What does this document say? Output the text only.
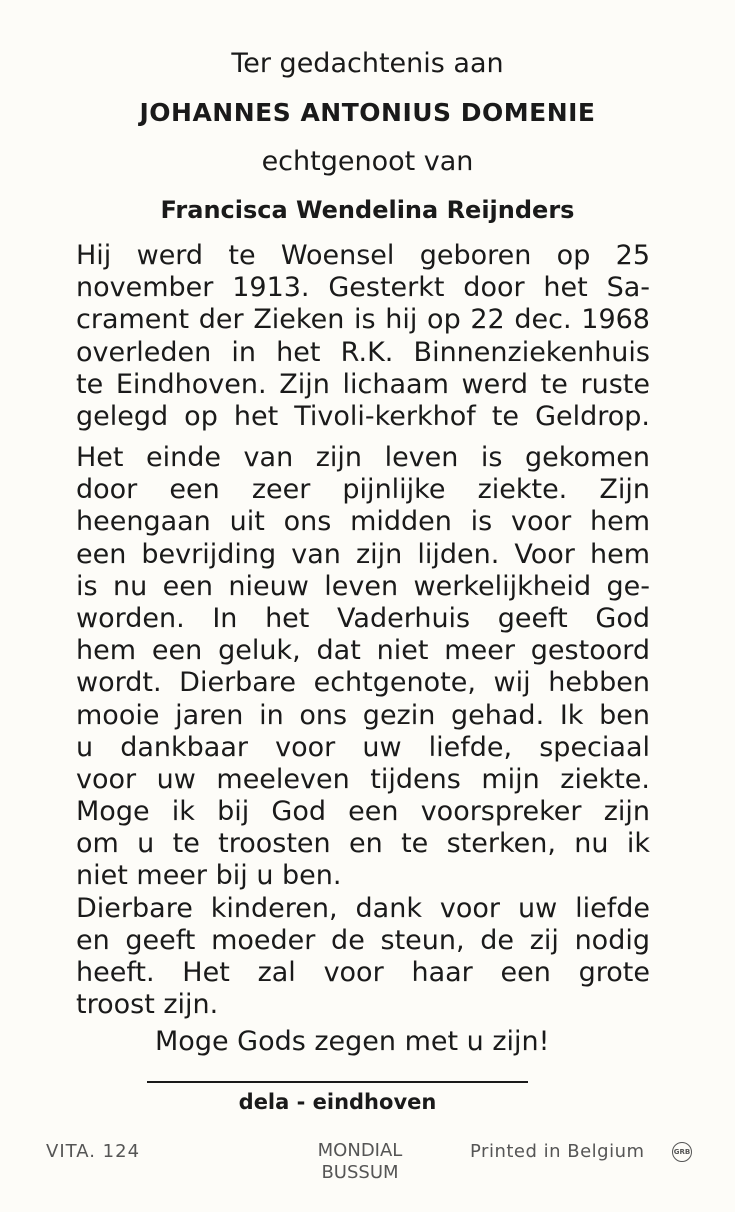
Ter gedachtenis aan
JOHANNES ANTONIUS DOMENIE
echtgenoot van
Francisca Wendelina Reijnders
Hij werd te Woensel geboren op 25
november 1913. Gesterkt door het Sa-
crament der Zieken is hij op 22 dec. 1968
overleden in het R.K. Binnenziekenhuis
te Eindhoven. Zijn lichaam werd te ruste
gelegd op het Tivoli-kerkhof te Geldrop.
Het einde van zijn leven is gekomen
door een zeer pijnlijke ziekte. Zijn
heengaan uit ons midden is voor hem
een bevrijding van zijn lijden. Voor hem
is nu een nieuw leven werkelijkheid ge-
worden. In het Vaderhuis geeft God
hem een geluk, dat niet meer gestoord
wordt. Dierbare echtgenote, wij hebben
mooie jaren in ons gezin gehad. Ik ben
u dankbaar voor uw liefde, speciaal
voor uw meeleven tijdens mijn ziekte.
Moge ik bij God een voorspreker zijn
om u te troosten en te sterken, nu ik
niet meer bij u ben.
Dierbare kinderen, dank voor uw liefde
en geeft moeder de steun, de zij nodig
heeft. Het zal voor haar een grote
troost zijn.
Moge Gods zegen met u zijn!
dela - eindhoven
VITA. 124	MONDIAL
BUSSUM
Printed in Belgium	GRB
